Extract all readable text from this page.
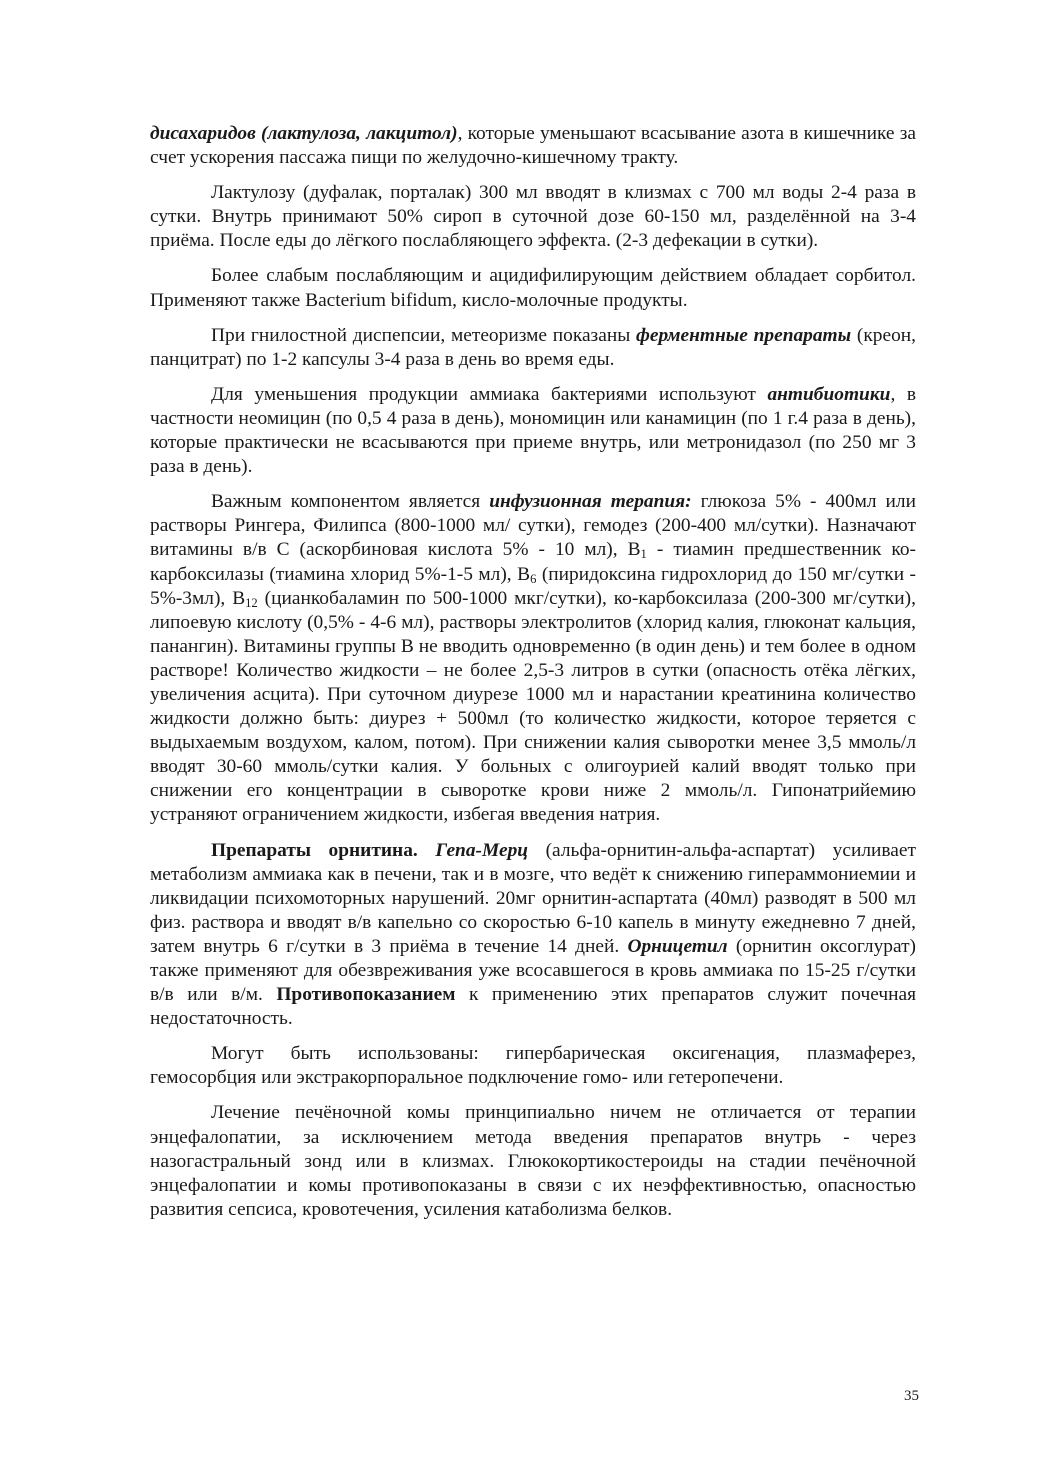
дисахаридов (лактулоза, лакцитол), которые уменьшают всасывание азота в кишечнике за счет ускорения пассажа пищи по желудочно-кишечному тракту.

Лактулозу (дуфалак, порталак) 300 мл вводят в клизмах с 700 мл воды 2-4 раза в сутки. Внутрь принимают 50% сироп в суточной дозе 60-150 мл, разделённой на 3-4 приёма. После еды до лёгкого послабляющего эффекта. (2-3 дефекации в сутки).

Более слабым послабляющим и ацидифилирующим действием обладает сорбитол. Применяют также Bacterium bifidum, кисло-молочные продукты.

При гнилостной диспепсии, метеоризме показаны ферментные препараты (креон, панцитрат) по 1-2 капсулы 3-4 раза в день во время еды.

Для уменьшения продукции аммиака бактериями используют антибиотики, в частности неомицин (по 0,5 4 раза в день), мономицин или канамицин (по 1 г.4 раза в день), которые практически не всасываются при приеме внутрь, или метронидазол (по 250 мг 3 раза в день).

Важным компонентом является инфузионная терапия: глюкоза 5% - 400мл или растворы Рингера, Филипса (800-1000 мл/ сутки), гемодез (200-400 мл/сутки). Назначают витамины в/в С (аскорбиновая кислота 5% - 10 мл), $В_1$ - тиамин предшественник ко-карбоксилазы (тиамина хлорид 5%-1-5 мл), $В_6$ (пиридоксина гидрохлорид до 150 мг/сутки - 5%-3мл), $В_{12}$ (цианкобаламин по 500-1000 мкг/сутки), ко-карбоксилаза (200-300 мг/сутки), липоевую кислоту (0,5% - 4-6 мл), растворы электролитов (хлорид калия, глюконат кальция, панангин). Витамины группы В не вводить одновременно (в один день) и тем более в одном растворе! Количество жидкости – не более 2,5-3 литров в сутки (опасность отёка лёгких, увеличения асцита). При суточном диурезе 1000 мл и нарастании креатинина количество жидкости должно быть: диурез + 500мл (то количестко жидкости, которое теряется с выдыхаемым воздухом, калом, потом). При снижении калия сыворотки менее 3,5 ммоль/л вводят 30-60 ммоль/сутки калия. У больных с олигоурией калий вводят только при снижении его концентрации в сыворотке крови ниже 2 ммоль/л. Гипонатрийемию устраняют ограничением жидкости, избегая введения натрия.

Препараты орнитина. Гепа-Мерц (альфа-орнитин-альфа-аспартат) усиливает метаболизм аммиака как в печени, так и в мозге, что ведёт к снижению гипераммониемии и ликвидации психомоторных нарушений. 20мг орнитин-аспартата (40мл) разводят в 500 мл физ. раствора и вводят в/в капельно со скоростью 6-10 капель в минуту ежедневно 7 дней, затем внутрь 6 г/сутки в 3 приёма в течение 14 дней. Орницетил (орнитин оксоглурат) также применяют для обезвреживания уже всосавшегося в кровь аммиака по 15-25 г/сутки в/в или в/м. Противопоказанием к применению этих препаратов служит почечная недостаточность.

Могут быть использованы: гипербарическая оксигенация, плазмаферез, гемосорбция или экстракорпоральное подключение гомо- или гетеропечени.

Лечение печёночной комы принципиально ничем не отличается от терапии энцефалопатии, за исключением метода введения препаратов внутрь - через назогастральный зонд или в клизмах. Глюкокортикостероиды на стадии печёночной энцефалопатии и комы противопоказаны в связи с их неэффективностью, опасностью развития сепсиса, кровотечения, усиления катаболизма белков.

35
